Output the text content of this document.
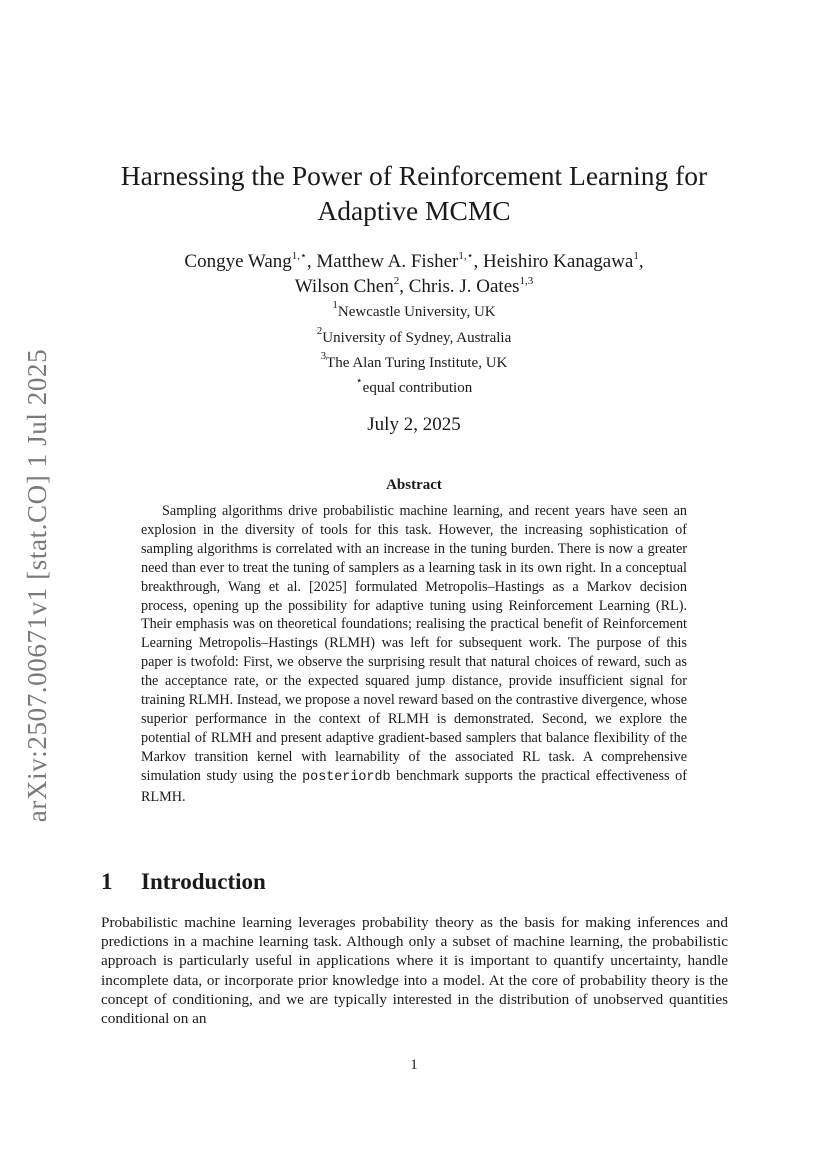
arXiv:2507.00671v1 [stat.CO] 1 Jul 2025
Harnessing the Power of Reinforcement Learning for
Adaptive MCMC
Congye Wang$^{1,⋆}$, Matthew A. Fisher$^{1,⋆}$, Heishiro Kanagawa$^1$,
Wilson Chen$^2$, Chris. J. Oates$^{1,3}$
$^1$Newcastle University, UK
$^2$University of Sydney, Australia
$^3$The Alan Turing Institute, UK
⋆equal contribution
July 2, 2025
Abstract

Sampling algorithms drive probabilistic machine learning, and recent years have seen an explosion in the diversity of tools for this task. However, the increasing sophistication of sampling algorithms is correlated with an increase in the tuning burden. There is now a greater need than ever to treat the tuning of samplers as a learning task in its own right. In a conceptual breakthrough, Wang et al. [2025] formulated Metropolis–Hastings as a Markov decision process, opening up the possibility for adaptive tuning using Reinforcement Learning (RL). Their emphasis was on theoretical foundations; realising the practical benefit of Reinforcement Learning Metropolis–Hastings (RLMH) was left for subsequent work. The purpose of this paper is twofold: First, we observe the surprising result that natural choices of reward, such as the acceptance rate, or the expected squared jump distance, provide insufficient signal for training RLMH. Instead, we propose a novel reward based on the contrastive divergence, whose superior performance in the context of RLMH is demonstrated. Second, we explore the potential of RLMH and present adaptive gradient-based samplers that balance flexibility of the Markov transition kernel with learnability of the associated RL task. A comprehensive simulation study using the posteriordb benchmark supports the practical effectiveness of RLMH.

1 Introduction

Probabilistic machine learning leverages probability theory as the basis for making inferences and predictions in a machine learning task. Although only a subset of machine learning, the probabilistic approach is particularly useful in applications where it is important to quantify uncertainty, handle incomplete data, or incorporate prior knowledge into a model. At the core of probability theory is the concept of conditioning, and we are typically interested in the distribution of unobserved quantities conditional on an

1
